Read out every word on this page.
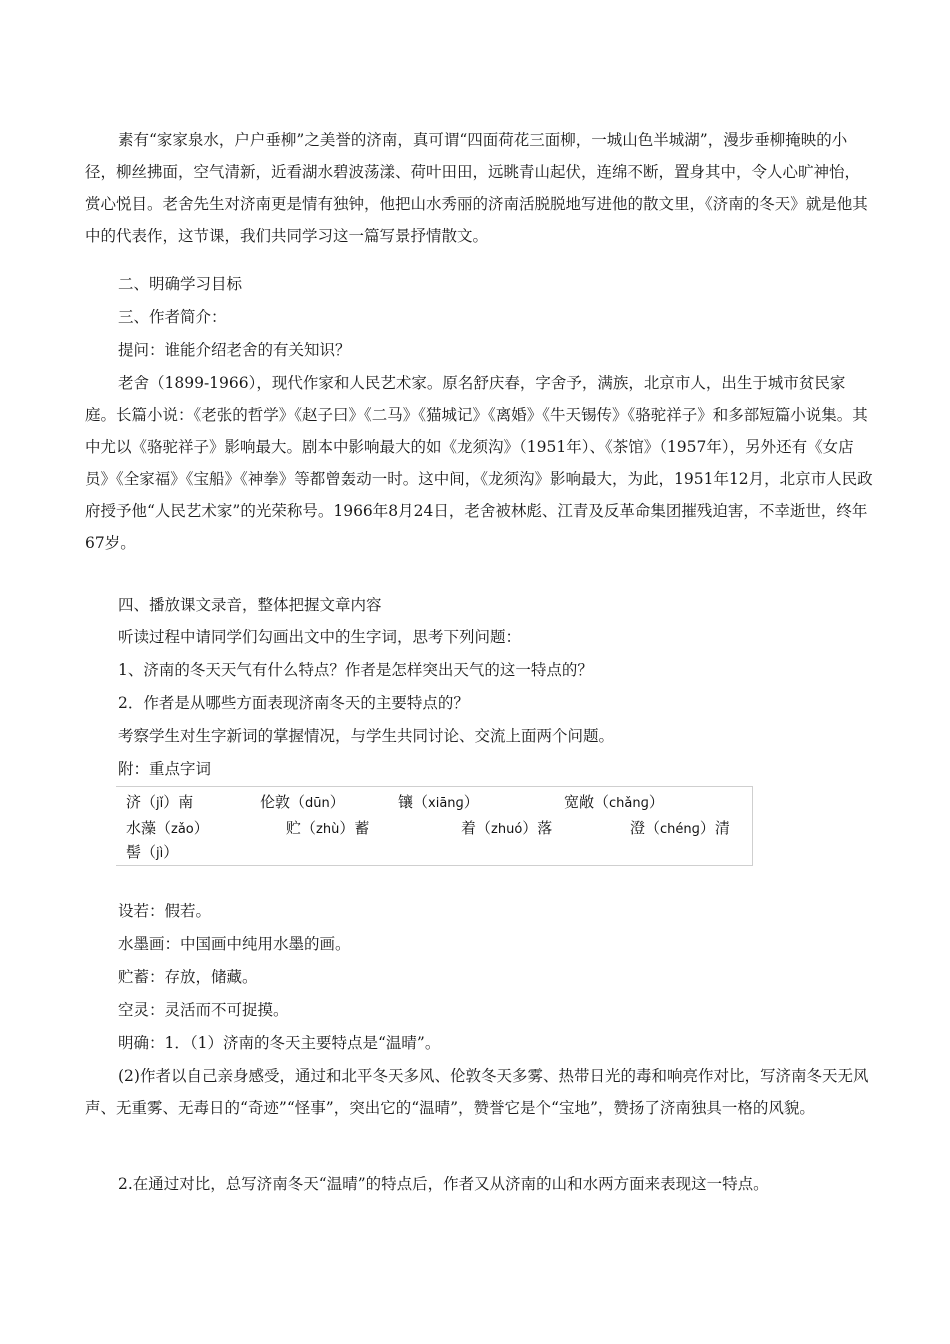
素有“家家泉水，户户垂柳”之美誉的济南，真可谓“四面荷花三面柳，一城山色半城湖”，漫步垂柳掩映的小径，柳丝拂面，空气清新，近看湖水碧波荡漾、荷叶田田，远眺青山起伏，连绵不断，置身其中，令人心旷神怡，赏心悦目。老舍先生对济南更是情有独钟，他把山水秀丽的济南活脱脱地写进他的散文里，《济南的冬天》就是他其中的代表作，这节课，我们共同学习这一篇写景抒情散文。

二、明确学习目标

三、作者简介：

提问：谁能介绍老舍的有关知识？

老舍（1899-1966），现代作家和人民艺术家。原名舒庆春，字舍予，满族，北京市人，出生于城市贫民家庭。长篇小说：《老张的哲学》《赵子曰》《二马》《猫城记》《离婚》《牛天锡传》《骆驼祥子》和多部短篇小说集。其中尤以《骆驼祥子》影响最大。剧本中影响最大的如《龙须沟》（1951年）、《茶馆》（1957年），另外还有《女店员》《全家福》《宝船》《神拳》等都曾轰动一时。这中间，《龙须沟》影响最大，为此，1951年12月，北京市人民政府授予他“人民艺术家”的光荣称号。1966年8月24日，老舍被林彪、江青及反革命集团摧残迫害，不幸逝世，终年67岁。

四、播放课文录音，整体把握文章内容

听读过程中请同学们勾画出文中的生字词，思考下列问题：

1、济南的冬天天气有什么特点？作者是怎样突出天气的这一特点的？

2．作者是从哪些方面表现济南冬天的主要特点的？

考察学生对生字新词的掌握情况，与学生共同讨论、交流上面两个问题。

附：重点字词

济（jǐ）南	伦敦（dūn）	镶（xiānɡ）	宽敞（chǎnɡ）
水藻（zǎo）	贮（zhù）蓄	着（zhuó）落	澄（chénɡ）清
髻（jì）

设若：假若。

水墨画：中国画中纯用水墨的画。

贮蓄：存放，储藏。

空灵：灵活而不可捉摸。

明确：1．（1）济南的冬天主要特点是“温晴”。

(2)作者以自己亲身感受，通过和北平冬天多风、伦敦冬天多雾、热带日光的毒和响亮作对比，写济南冬天无风声、无重雾、无毒日的“奇迹”“怪事”，突出它的“温晴”，赞誉它是个“宝地”，赞扬了济南独具一格的风貌。

2.在通过对比，总写济南冬天“温晴”的特点后，作者又从济南的山和水两方面来表现这一特点。
